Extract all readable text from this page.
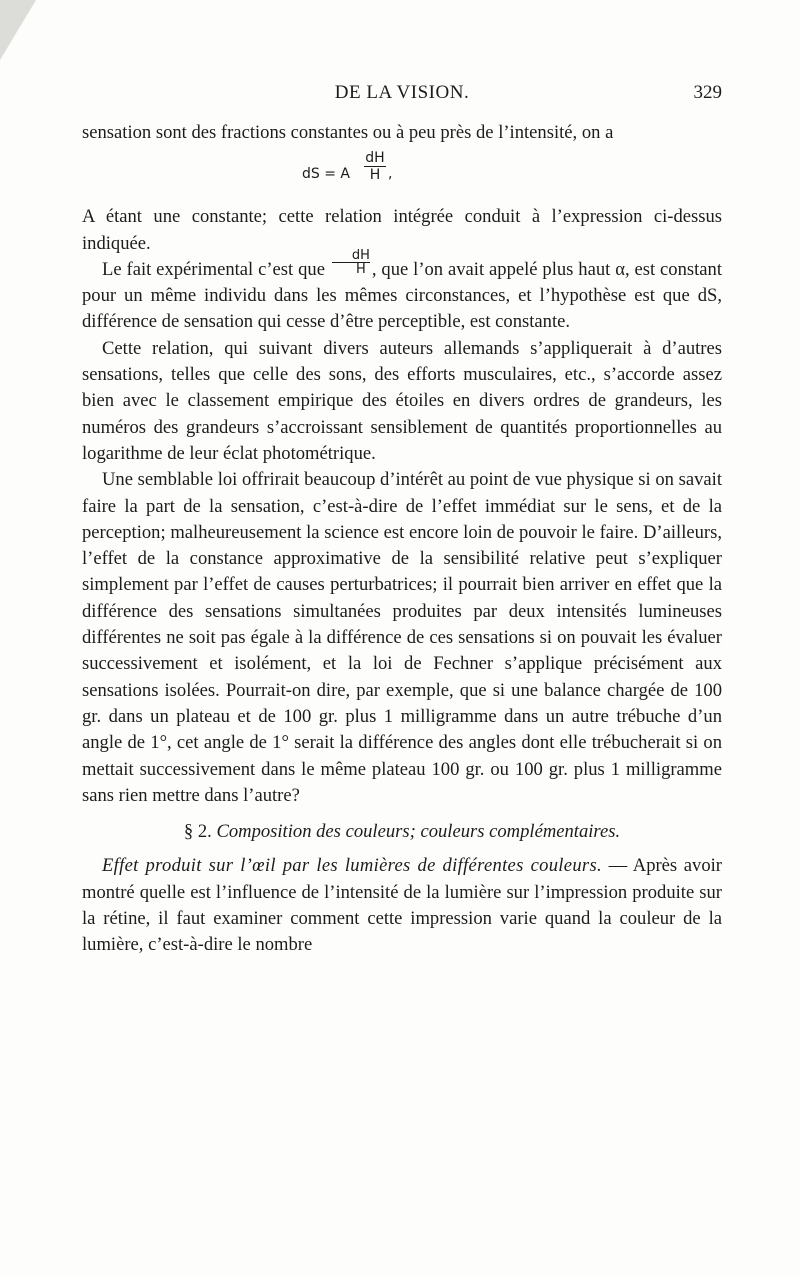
DE LA VISION.	329

sensation sont des fractions constantes ou à peu près de l’intensité, on a

dS = A $\frac{dH}{H}$ ,

A étant une constante; cette relation intégrée conduit à l’expression ci-dessus indiquée.

Le fait expérimental c’est que $\frac{dH}{H}$ , que l’on avait appelé plus haut α, est constant pour un même individu dans les mêmes circonstances, et l’hypothèse est que dS, différence de sensation qui cesse d’être perceptible, est constante.

Cette relation, qui suivant divers auteurs allemands s’appliquerait à d’autres sensations, telles que celle des sons, des efforts musculaires, etc., s’accorde assez bien avec le classement empirique des étoiles en divers ordres de grandeurs, les numéros des grandeurs s’accroissant sensiblement de quantités proportionnelles au logarithme de leur éclat photométrique.

Une semblable loi offrirait beaucoup d’intérêt au point de vue physique si on savait faire la part de la sensation, c’est-à-dire de l’effet immédiat sur le sens, et de la perception; malheureusement la science est encore loin de pouvoir le faire. D’ailleurs, l’effet de la constance approximative de la sensibilité relative peut s’expliquer simplement par l’effet de causes perturbatrices; il pourrait bien arriver en effet que la différence des sensations simultanées produites par deux intensités lumineuses différentes ne soit pas égale à la différence de ces sensations si on pouvait les évaluer successivement et isolément, et la loi de Fechner s’applique précisément aux sensations isolées. Pourrait-on dire, par exemple, que si une balance chargée de 100 gr. dans un plateau et de 100 gr. plus 1 milligramme dans un autre trébuche d’un angle de 1°, cet angle de 1° serait la différence des angles dont elle trébucherait si on mettait successivement dans le même plateau 100 gr. ou 100 gr. plus 1 milligramme sans rien mettre dans l’autre?

§ 2. Composition des couleurs; couleurs complémentaires.

Effet produit sur l’œil par les lumières de différentes couleurs. — Après avoir montré quelle est l’influence de l’intensité de la lumière sur l’impression produite sur la rétine, il faut examiner comment cette impression varie quand la couleur de la lumière, c’est-à-dire le nombre
